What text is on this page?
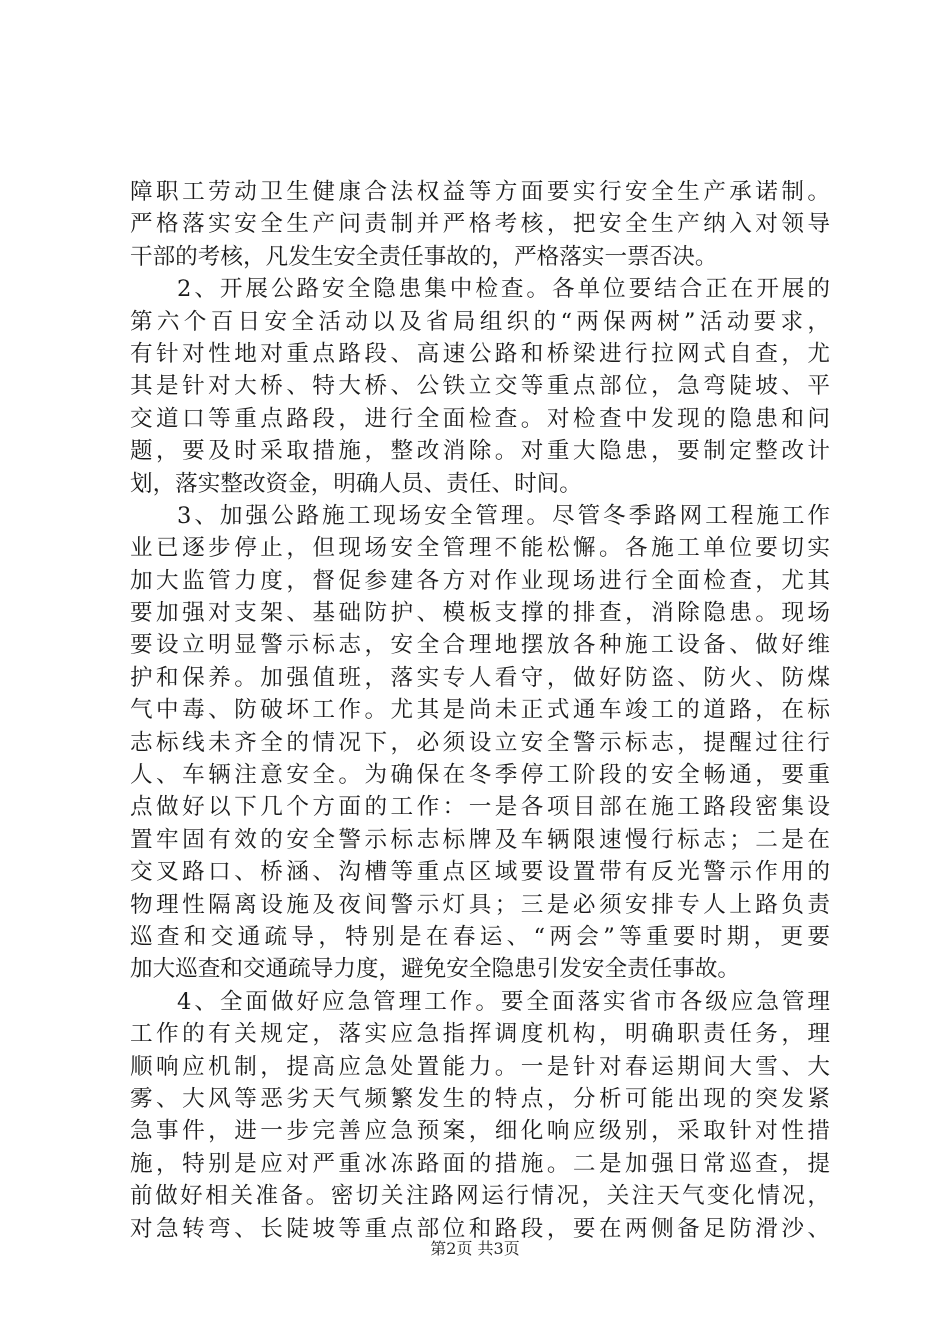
障职工劳动卫生健康合法权益等方面要实行安全生产承诺制。
严格落实安全生产问责制并严格考核，把安全生产纳入对领导
干部的考核，凡发生安全责任事故的，严格落实一票否决。
2、开展公路安全隐患集中检查。各单位要结合正在开展的
第六个百日安全活动以及省局组织的“两保两树”活动要求，
有针对性地对重点路段、高速公路和桥梁进行拉网式自查，尤
其是针对大桥、特大桥、公铁立交等重点部位，急弯陡坡、平
交道口等重点路段，进行全面检查。对检查中发现的隐患和问
题，要及时采取措施，整改消除。对重大隐患，要制定整改计
划，落实整改资金，明确人员、责任、时间。
3、加强公路施工现场安全管理。尽管冬季路网工程施工作
业已逐步停止，但现场安全管理不能松懈。各施工单位要切实
加大监管力度，督促参建各方对作业现场进行全面检查，尤其
要加强对支架、基础防护、模板支撑的排查，消除隐患。现场
要设立明显警示标志，安全合理地摆放各种施工设备、做好维
护和保养。加强值班，落实专人看守，做好防盗、防火、防煤
气中毒、防破坏工作。尤其是尚未正式通车竣工的道路，在标
志标线未齐全的情况下，必须设立安全警示标志，提醒过往行
人、车辆注意安全。为确保在冬季停工阶段的安全畅通，要重
点做好以下几个方面的工作：一是各项目部在施工路段密集设
置牢固有效的安全警示标志标牌及车辆限速慢行标志；二是在
交叉路口、桥涵、沟槽等重点区域要设置带有反光警示作用的
物理性隔离设施及夜间警示灯具；三是必须安排专人上路负责
巡查和交通疏导，特别是在春运、“两会”等重要时期，更要
加大巡查和交通疏导力度，避免安全隐患引发安全责任事故。
4、全面做好应急管理工作。要全面落实省市各级应急管理
工作的有关规定，落实应急指挥调度机构，明确职责任务，理
顺响应机制，提高应急处置能力。一是针对春运期间大雪、大
雾、大风等恶劣天气频繁发生的特点，分析可能出现的突发紧
急事件，进一步完善应急预案，细化响应级别，采取针对性措
施，特别是应对严重冰冻路面的措施。二是加强日常巡查，提
前做好相关准备。密切关注路网运行情况，关注天气变化情况，
对急转弯、长陡坡等重点部位和路段，要在两侧备足防滑沙、
第2页 共3页
